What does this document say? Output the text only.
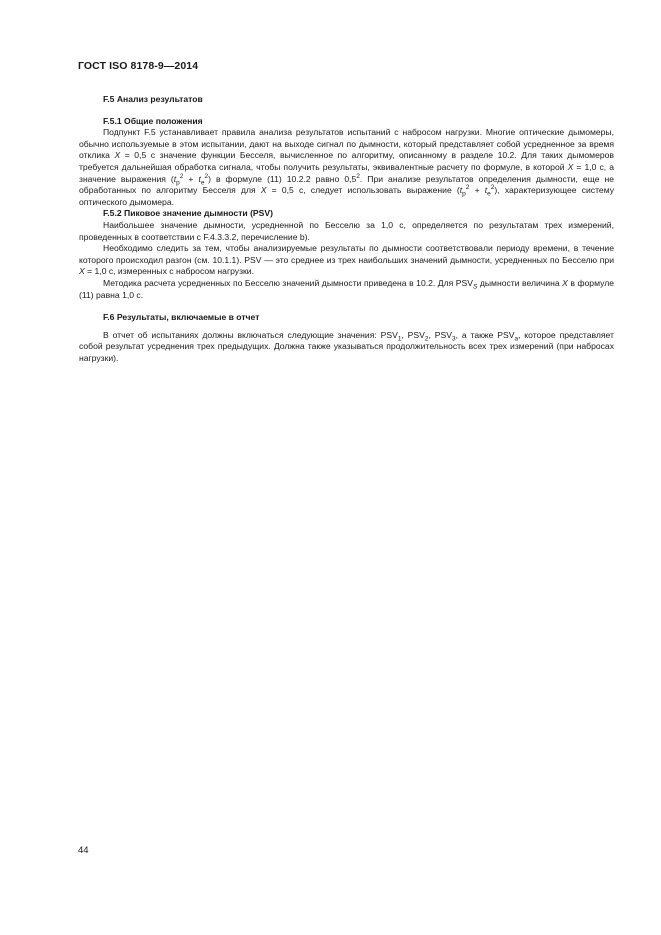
ГОСТ ISO 8178-9—2014
F.5 Анализ результатов
F.5.1 Общие положения

Подпункт F.5 устанавливает правила анализа результатов испытаний с набросом нагрузки. Многие оптические дымомеры, обычно используемые в этом испытании, дают на выходе сигнал по дымности, который представляет собой усредненное за время отклика X = 0,5 с значение функции Бесселя, вычисленное по алгоритму, описанному в разделе 10.2. Для таких дымомеров требуется дальнейшая обработка сигнала, чтобы получить результаты, эквивалентные расчету по формуле, в которой X = 1,0 с, а значение выражения $(t_p^2 + t_e^2)$ в формуле (11) 10.2.2 равно $0,5^2$. При анализе результатов определения дымности, еще не обработанных по алгоритму Бесселя для X = 0,5 с, следует использовать выражение $(t_p^2 + t_e^2)$, характеризующее систему оптического дымомера.

F.5.2 Пиковое значение дымности (PSV)

Наибольшее значение дымности, усредненной по Бесселю за 1,0 с, определяется по результатам трех измерений, проведенных в соответствии с F.4.3.3.2, перечисление b).

Необходимо следить за тем, чтобы анализируемые результаты по дымности соответствовали периоду времени, в течение которого происходил разгон (см. 10.1.1). PSV — это среднее из трех наибольших значений дымности, усредненных по Бесселю при X = 1,0 с, измеренных с набросом нагрузки.

Методика расчета усредненных по Бесселю значений дымности приведена в 10.2. Для $PSV_S$ дымности величина X в формуле (11) равна 1,0 с.

F.6 Результаты, включаемые в отчет

В отчет об испытаниях должны включаться следующие значения: $PSV_1$, $PSV_2$, $PSV_3$, а также $PSV_a$, которое представляет собой результат усреднения трех предыдущих. Должна также указываться продолжительность всех трех измерений (при набросах нагрузки).

44
